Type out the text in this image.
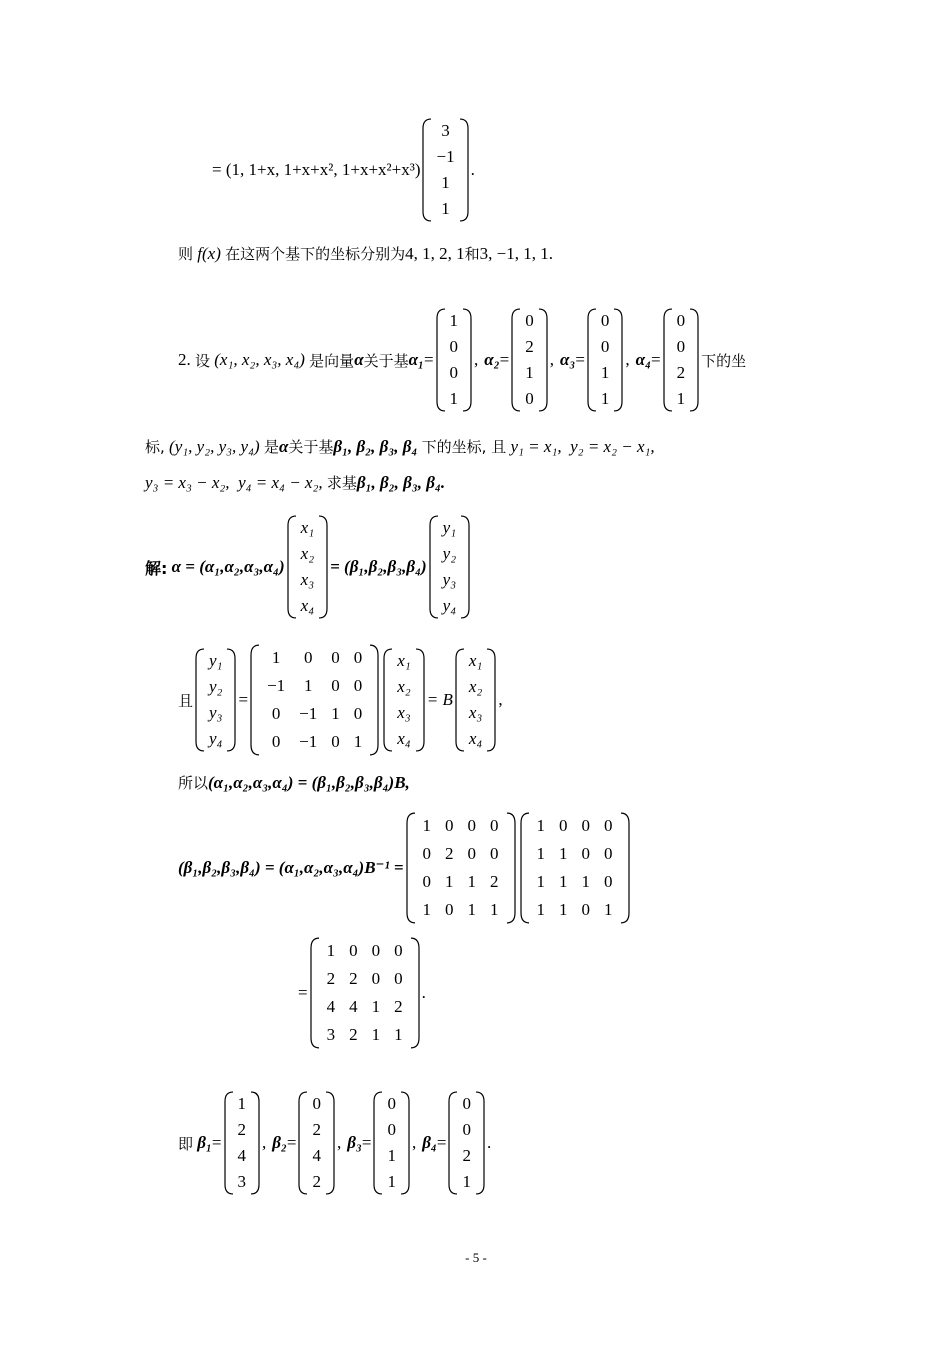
= (1, 1+x, 1+x+x², 1+x+x²+x³)
3
−1
1
1
.
则
f(x)
在这两个基下的坐标分别为 4, 1, 2, 1 和 3, −1, 1, 1.
2.
设
(x₁, x₂, x₃, x₄)
是向量 α 关于基 α₁ =
1
0
0
1
, α₂ =
0
2
1
0
, α₃ =
0
0
1
1
, α₄ =
0
0
2
1
下的坐
标,
(y₁, y₂, y₃, y₄)
是 α 关于基 β₁, β₂, β₃, β₄
下的坐标, 且
y₁ = x₁,
y₂ = x₂ − x₁,
y₃ = x₃ − x₂,
y₄ = x₄ − x₂,
求基 β₁, β₂, β₃, β₄.
解:
α = (α₁,α₂,α₃,α₄)
x₁
x₂
x₃
x₄
= (β₁,β₂,β₃,β₄)
y₁
y₂
y₃
y₄
且
y₁
y₂
y₃
y₄
=
1	0	0	0
−1	1	0	0
0	−1	1	0
0	−1	0	1
x₁
x₂
x₃
x₄
= B
x₁
x₂
x₃
x₄
,
所以 (α₁,α₂,α₃,α₄) = (β₁,β₂,β₃,β₄)B,
(β₁,β₂,β₃,β₄) = (α₁,α₂,α₃,α₄)B⁻¹ =
1	0	0	0
0	2	0	0
0	1	1	2
1	0	1	1
1	0	0	0
1	1	0	0
1	1	1	0
1	1	0	1
=
1	0	0	0
2	2	0	0
4	4	1	2
3	2	1	1
.
即
β₁ =
1
2
4
3
, β₂ =
0
2
4
2
, β₃ =
0
0
1
1
, β₄ =
0
0
2
1
.
- 5 -
